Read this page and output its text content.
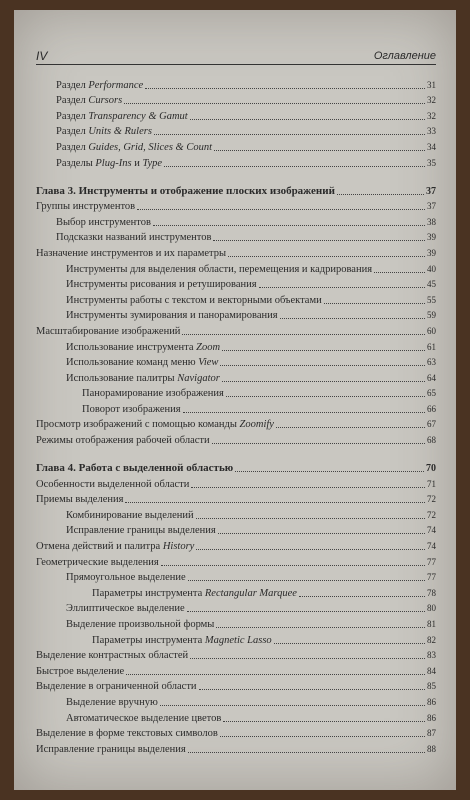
IV	Оглавление
Раздел Performance	31
Раздел Cursors	32
Раздел Transparency & Gamut	32
Раздел Units & Rulers	33
Раздел Guides, Grid, Slices & Count	34
Разделы Plug-Ins и Type	35
Глава 3. Инструменты и отображение плоских изображений	37
Группы инструментов	37
Выбор инструментов	38
Подсказки названий инструментов	39
Назначение инструментов и их параметры	39
Инструменты для выделения области, перемещения и кадрирования	40
Инструменты рисования и ретуширования	45
Инструменты работы с текстом и векторными объектами	55
Инструменты зумирования и панорамирования	59
Масштабирование изображений	60
Использование инструмента Zoom	61
Использование команд меню View	63
Использование палитры Navigator	64
Панорамирование изображения	65
Поворот изображения	66
Просмотр изображений с помощью команды Zoomify	67
Режимы отображения рабочей области	68
Глава 4. Работа с выделенной областью	70
Особенности выделенной области	71
Приемы выделения	72
Комбинирование выделений	72
Исправление границы выделения	74
Отмена действий и палитра History	74
Геометрические выделения	77
Прямоугольное выделение	77
Параметры инструмента Rectangular Marquee	78
Эллиптическое выделение	80
Выделение произвольной формы	81
Параметры инструмента Magnetic Lasso	82
Выделение контрастных областей	83
Быстрое выделение	84
Выделение в ограниченной области	85
Выделение вручную	86
Автоматическое выделение цветов	86
Выделение в форме текстовых символов	87
Исправление границы выделения	88
